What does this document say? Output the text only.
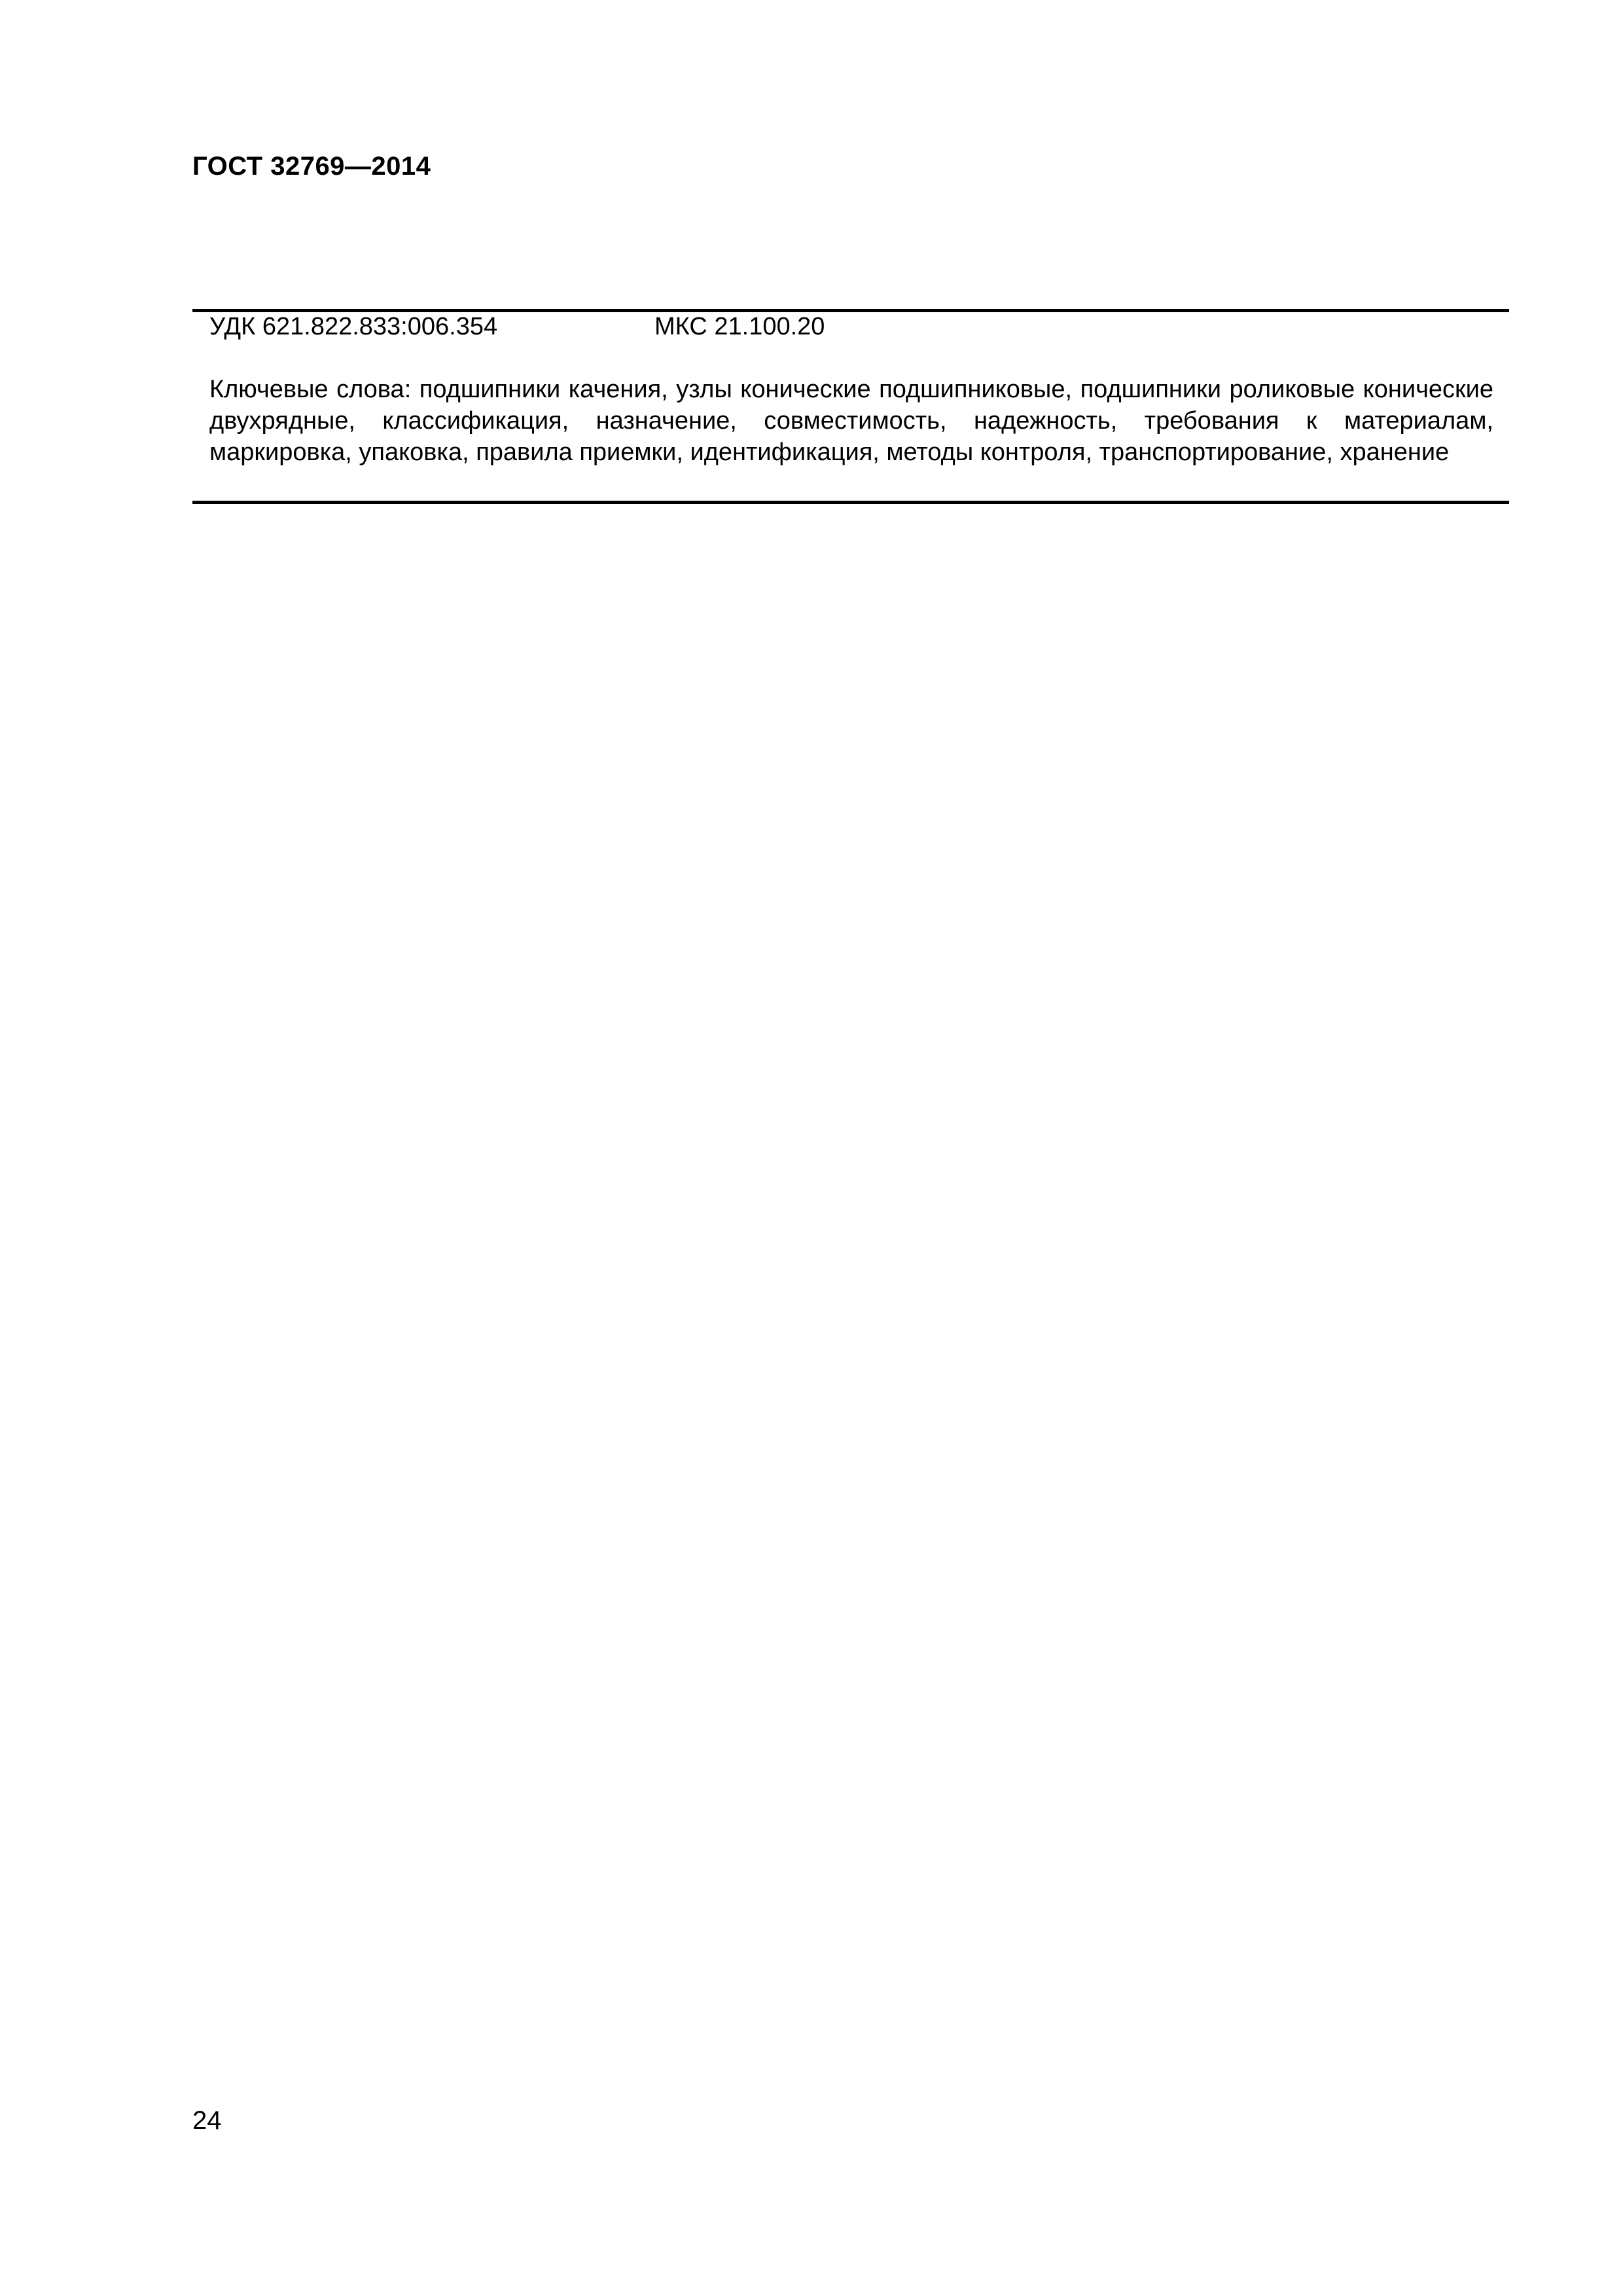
ГОСТ 32769—2014
УДК 621.822.833:006.354	МКС 21.100.20
Ключевые слова: подшипники качения, узлы конические подшипниковые, подшипники роликовые конические двухрядные, классификация, назначение, совместимость, надежность, требования к материалам, маркировка, упаковка, правила приемки, идентификация, методы контроля, транспортирование, хранение
24
